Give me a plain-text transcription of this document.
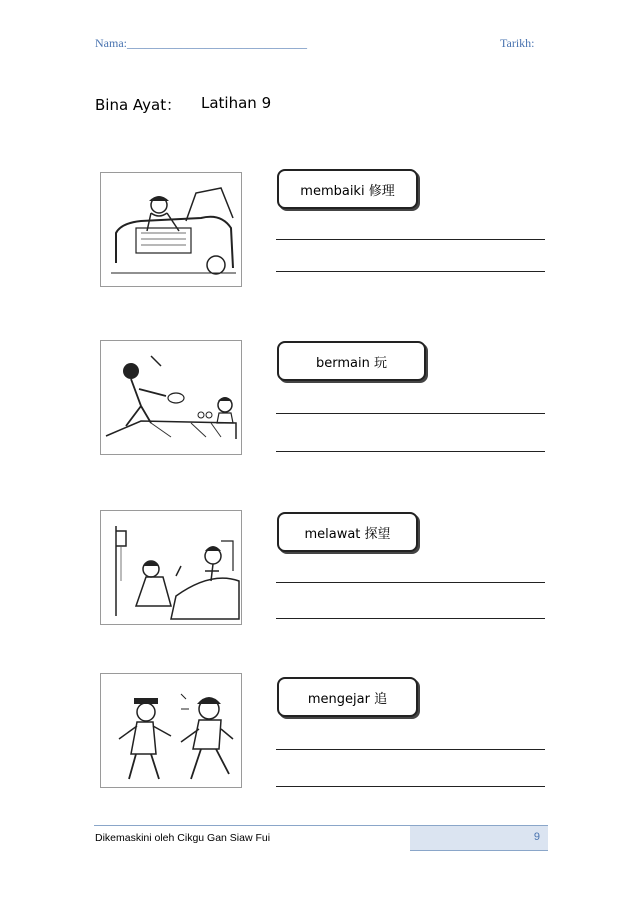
Nama:______________________________	Tarikh:
Bina Ayat： Latihan 9
membaiki 修理
bermain 玩
melawat 探望
mengejar 追
9
Dikemaskini oleh Cikgu Gan Siaw Fui
